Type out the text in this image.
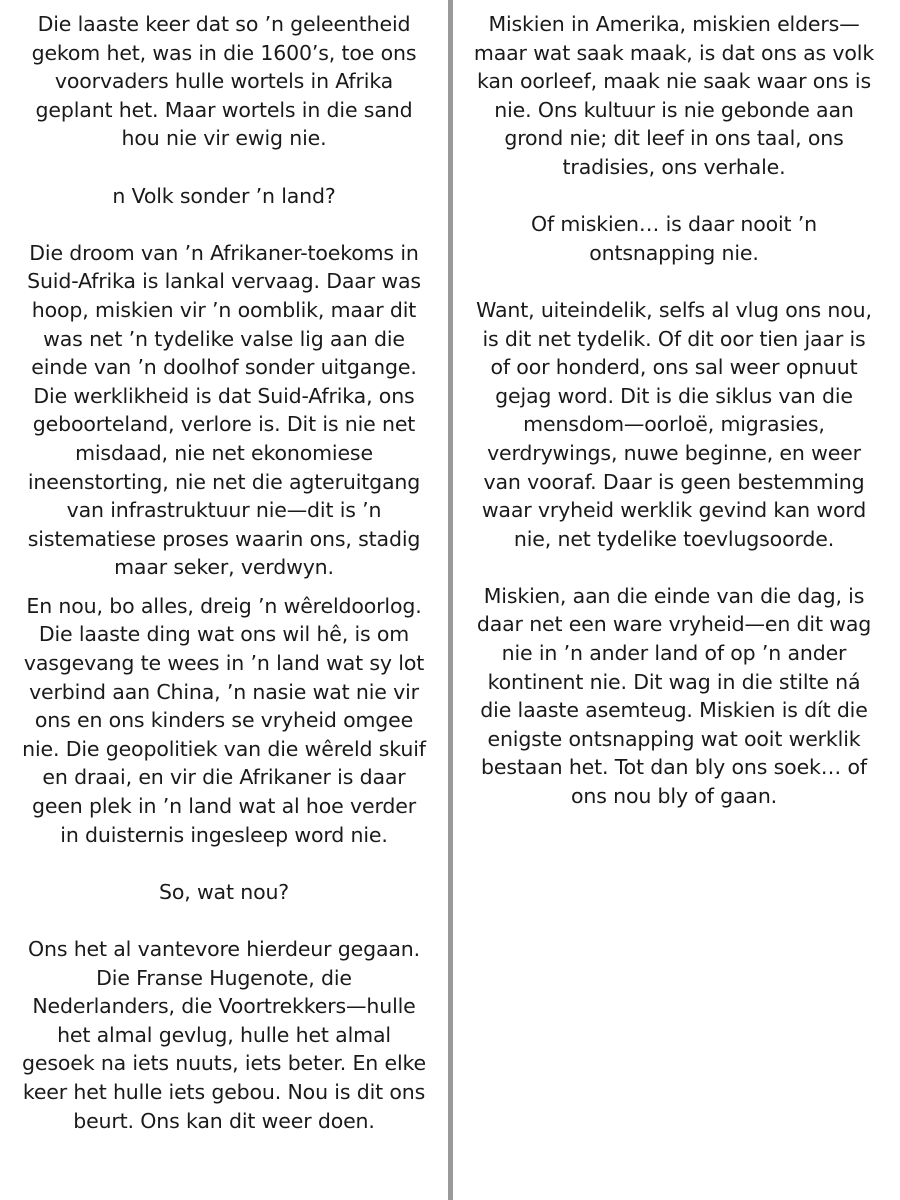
Die laaste keer dat so ’n geleentheid gekom het, was in die 1600’s, toe ons voorvaders hulle wortels in Afrika geplant het. Maar wortels in die sand hou nie vir ewig nie.

n Volk sonder ’n land?

Die droom van ’n Afrikaner-toekoms in Suid-Afrika is lankal vervaag. Daar was hoop, miskien vir ’n oomblik, maar dit was net ’n tydelike valse lig aan die einde van ’n doolhof sonder uitgange. Die werklikheid is dat Suid-Afrika, ons geboorteland, verlore is. Dit is nie net misdaad, nie net ekonomiese ineenstorting, nie net die agteruitgang van infrastruktuur nie—dit is ’n sistematiese proses waarin ons, stadig maar seker, verdwyn.

En nou, bo alles, dreig ’n wêreldoorlog. Die laaste ding wat ons wil hê, is om vasgevang te wees in ’n land wat sy lot verbind aan China, ’n nasie wat nie vir ons en ons kinders se vryheid omgee nie. Die geopolitiek van die wêreld skuif en draai, en vir die Afrikaner is daar geen plek in ’n land wat al hoe verder in duisternis ingesleep word nie.

So, wat nou?

Ons het al vantevore hierdeur gegaan. Die Franse Hugenote, die Nederlanders, die Voortrekkers—hulle het almal gevlug, hulle het almal gesoek na iets nuuts, iets beter. En elke keer het hulle iets gebou. Nou is dit ons beurt. Ons kan dit weer doen.

Miskien in Amerika, miskien elders—maar wat saak maak, is dat ons as volk kan oorleef, maak nie saak waar ons is nie. Ons kultuur is nie gebonde aan grond nie; dit leef in ons taal, ons tradisies, ons verhale.

Of miskien… is daar nooit ’n ontsnapping nie.

Want, uiteindelik, selfs al vlug ons nou, is dit net tydelik. Of dit oor tien jaar is of oor honderd, ons sal weer opnuut gejag word. Dit is die siklus van die mensdom—oorloë, migrasies, verdrywings, nuwe beginne, en weer van vooraf. Daar is geen bestemming waar vryheid werklik gevind kan word nie, net tydelike toevlugsoorde.

Miskien, aan die einde van die dag, is daar net een ware vryheid—en dit wag nie in ’n ander land of op ’n ander kontinent nie. Dit wag in die stilte ná die laaste asemteug. Miskien is dít die enigste ontsnapping wat ooit werklik bestaan het. Tot dan bly ons soek… of ons nou bly of gaan.
